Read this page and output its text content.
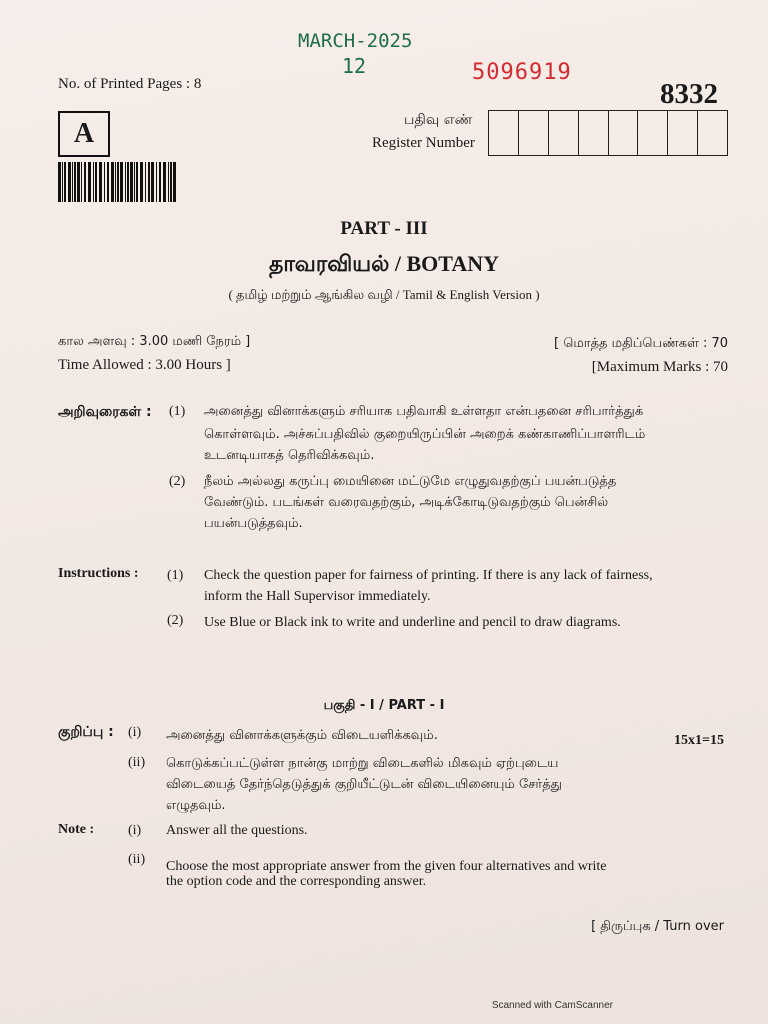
MARCH-2025
12	5096919
No. of Printed Pages : 8	8332
A	பதிவு எண்
Register Number
PART - III
தாவரவியல் / BOTANY
( தமிழ் மற்றும் ஆங்கில வழி / Tamil & English Version )
கால அளவு : 3.00 மணி நேரம் ]
Time Allowed : 3.00 Hours ]
[ மொத்த மதிப்பெண்கள் : 70
[Maximum Marks : 70
அறிவுரைகள் : (1) அனைத்து வினாக்களும் சரியாக பதிவாகி உள்ளதா என்பதனை சரிபார்த்துக்
கொள்ளவும். அச்சுப்பதிவில் குறையிருப்பின் அறைக் கண்காணிப்பாளரிடம்
உடனடியாகத் தெரிவிக்கவும்.
(2) நீலம் அல்லது கருப்பு மையினை மட்டுமே எழுதுவதற்குப் பயன்படுத்த
வேண்டும். படங்கள் வரைவதற்கும், அடிக்கோடிடுவதற்கும் பென்சில்
பயன்படுத்தவும்.
Instructions : (1) Check the question paper for fairness of printing. If there is any lack of fairness,
inform the Hall Supervisor immediately.
(2) Use Blue or Black ink to write and underline and pencil to draw diagrams.
பகுதி - I / PART - I
குறிப்பு : (i) அனைத்து வினாக்களுக்கும் விடையளிக்கவும்.	15x1=15
(ii) கொடுக்கப்பட்டுள்ள நான்கு மாற்று விடைகளில் மிகவும் ஏற்புடைய
விடையைத் தேர்ந்தெடுத்துக் குறியீட்டுடன் விடையினையும் சேர்த்து
எழுதவும்.
Note : (i) Answer all the questions.
(ii) Choose the most appropriate answer from the given four alternatives and write
the option code and the corresponding answer.
[ திருப்புக / Turn over
Scanned with CamScanner
